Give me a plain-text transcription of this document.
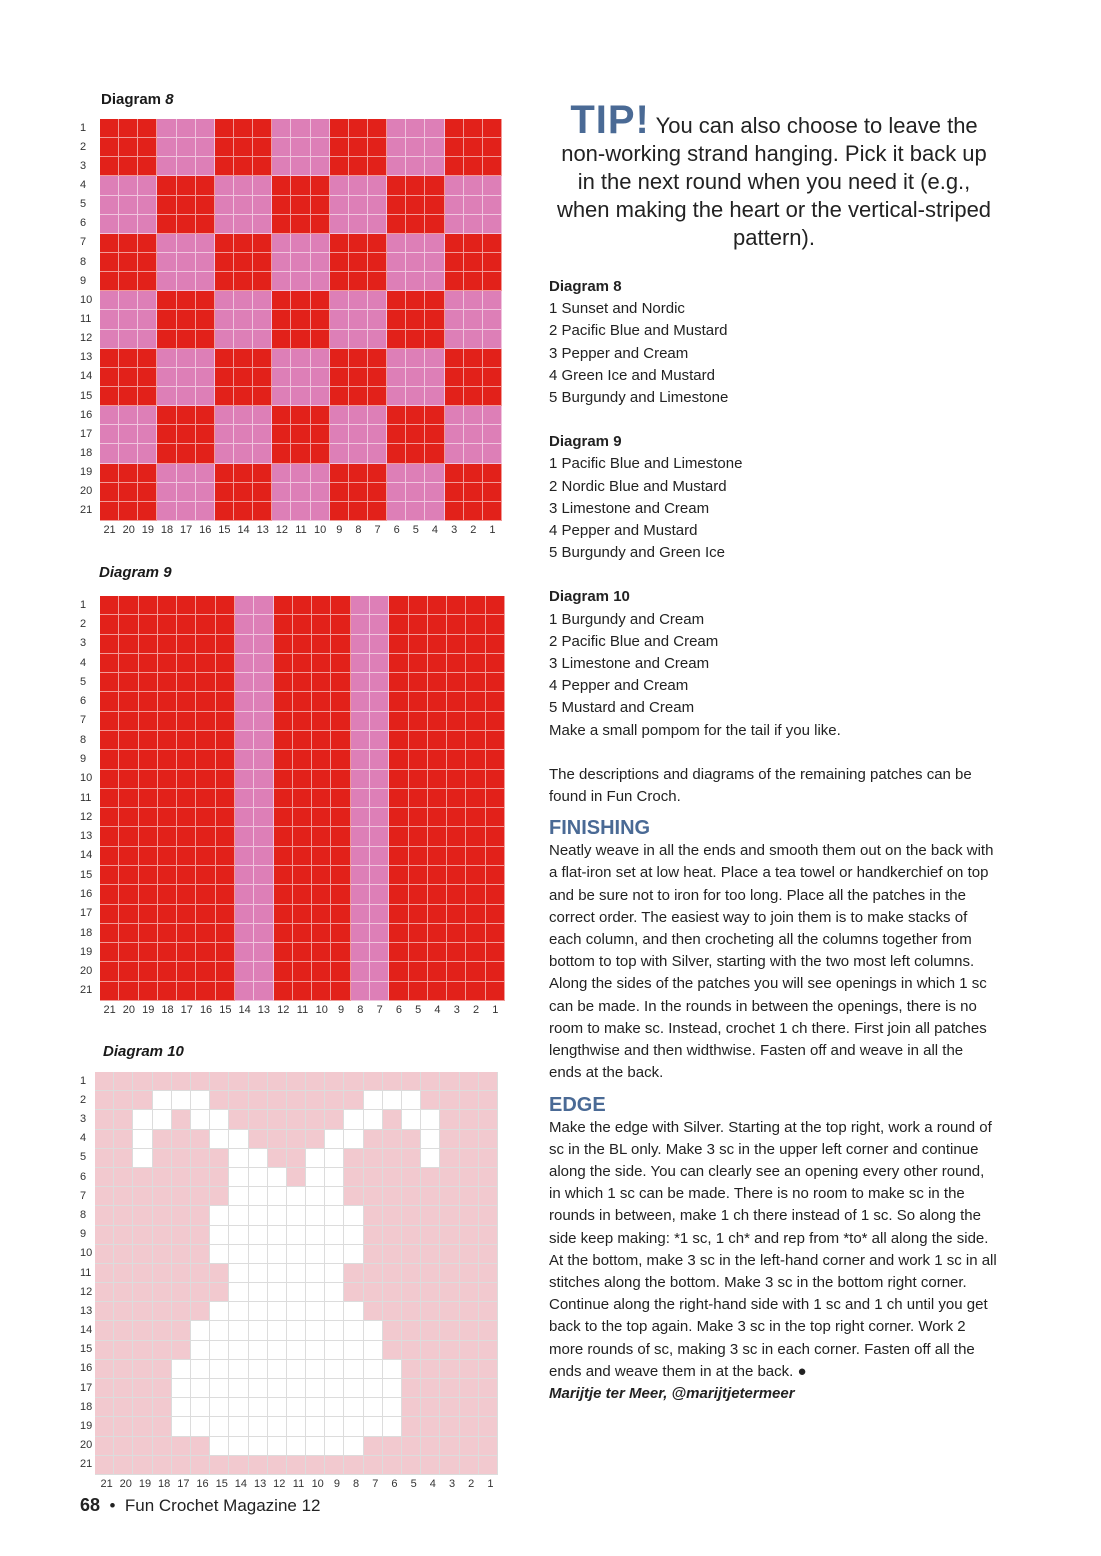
Diagram 8
1
2
3
4
5
6
7
8
9
10
11
12
13
14
15
16
17
18
19
20
21
21 20 19 18 17 16 15 14 13 12 11 10 9	8	7	6	5	4	3	2	1
Diagram 9
1
2
3
4
5
6
7
8
9
10
11
12
13
14
15
16
17
18
19
20
21
21 20 19 18 17 16 15 14 13 12 11 10 9	8	7	6	5	4	3	2	1
Diagram 10
1
2
3
4
5
6
7
8
9
10
11
12
13
14
15
16
17
18
19
20
21
21 20 19 18 17 16 15 14 13 12 11 10 9	8	7	6	5	4	3	2	1
TIP! You can also choose to leave the non-working strand hanging. Pick it back up in the next round when you need it (e.g., when making the heart or the vertical-striped pattern).

Diagram 8

1 Sunset and Nordic

2 Pacific Blue and Mustard

3 Pepper and Cream

4 Green Ice and Mustard

5 Burgundy and Limestone

Diagram 9

1 Pacific Blue and Limestone

2 Nordic Blue and Mustard

3 Limestone and Cream

4 Pepper and Mustard

5 Burgundy and Green Ice

Diagram 10

1 Burgundy and Cream

2 Pacific Blue and Cream

3 Limestone and Cream

4 Pepper and Cream

5 Mustard and Cream

Make a small pompom for the tail if you like.

The descriptions and diagrams of the remaining patches can be found in Fun Croch.

FINISHING

Neatly weave in all the ends and smooth them out on the back with a flat-iron set at low heat. Place a tea towel or handkerchief on top and be sure not to iron for too long. Place all the patches in the correct order. The easiest way to join them is to make stacks of each column, and then crocheting all the columns together from bottom to top with Silver, starting with the two most left columns. Along the sides of the patches you will see openings in which 1 sc can be made. In the rounds in between the openings, there is no room to make sc. Instead, crochet 1 ch there. First join all patches lengthwise and then widthwise. Fasten off and weave in all the ends at the back.

EDGE

Make the edge with Silver. Starting at the top right, work a round of sc in the BL only. Make 3 sc in the upper left corner and continue along the side. You can clearly see an opening every other round, in which 1 sc can be made. There is no room to make sc in the rounds in between, make 1 ch there instead of 1 sc. So along the side keep making: *1 sc, 1 ch* and rep from *to* all along the side. At the bottom, make 3 sc in the left-hand corner and work 1 sc in all stitches along the bottom. Make 3 sc in the bottom right corner. Continue along the right-hand side with 1 sc and 1 ch until you get back to the top again. Make 3 sc in the top right corner. Work 2 more rounds of sc, making 3 sc in each corner. Fasten off all the ends and weave them in at the back. ●

Marijtje ter Meer, @marijtjetermeer

68 • Fun Crochet Magazine 12
